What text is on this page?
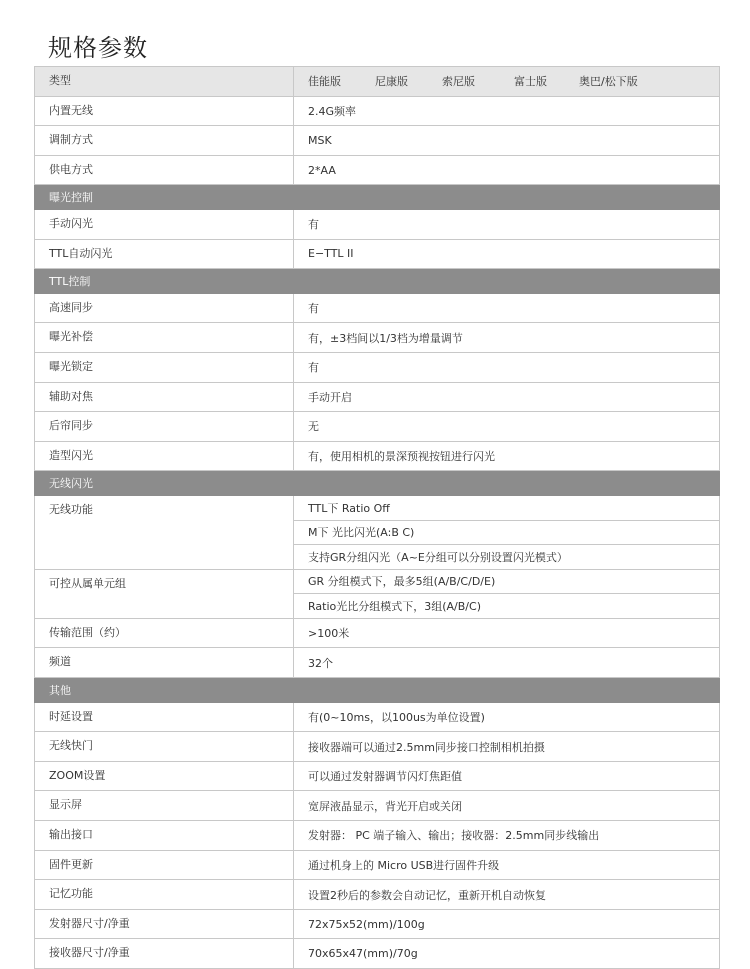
规格参数
类型	佳能版 尼康版 索尼版 富士版 奥巴/松下版
内置无线	2.4G频率
调制方式	MSK
供电方式	2*AA
曝光控制	
手动闪光	有
TTL自动闪光	E−TTL II
TTL控制	
高速同步	有
曝光补偿	有，±3档间以1/3档为增量调节
曝光锁定	有
辅助对焦	手动开启
后帘同步	无
造型闪光	有，使用相机的景深预视按钮进行闪光
无线闪光	
无线功能	TTL下 Ratio Off
	M下 光比闪光(A:B C)
	支持GR分组闪光（A~E分组可以分别设置闪光模式）
可控从属单元组	GR 分组模式下，最多5组(A/B/C/D/E)
	Ratio光比分组模式下，3组(A/B/C)
传输范围（约）	>100米
频道	32个
其他	
时延设置	有(0~10ms，以100us为单位设置)
无线快门	接收器端可以通过2.5mm同步接口控制相机拍摄
ZOOM设置	可以通过发射器调节闪灯焦距值
显示屏	宽屏液晶显示，背光开启或关闭
输出接口	发射器： PC 端子输入、输出；接收器：2.5mm同步线输出
固件更新	通过机身上的 Micro USB进行固件升级
记忆功能	设置2秒后的参数会自动记忆，重新开机自动恢复
发射器尺寸/净重	72x75x52(mm)/100g
接收器尺寸/净重	70x65x47(mm)/70g
